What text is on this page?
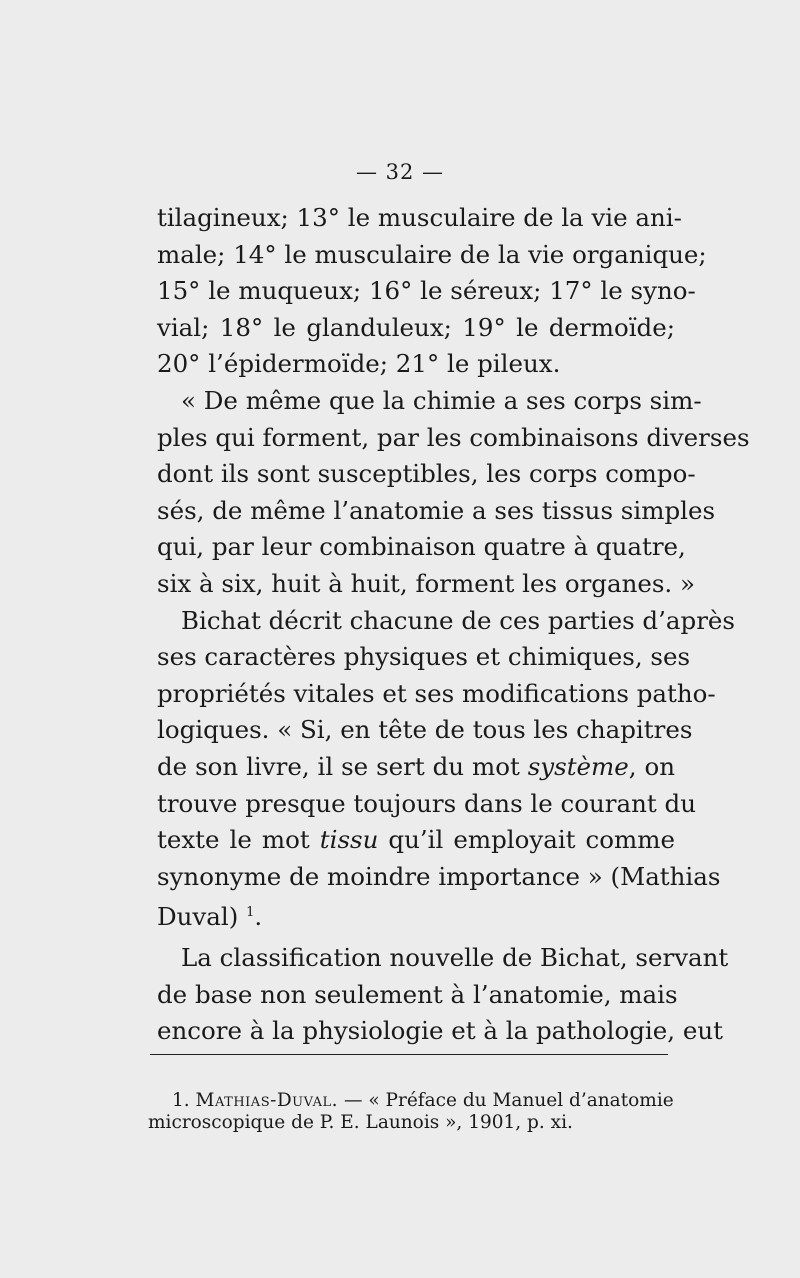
— 32 —
tilagineux; 13° le musculaire de la vie ani-
male; 14° le musculaire de la vie organique;
15° le muqueux; 16° le séreux; 17° le syno-
vial; 18° le glanduleux; 19° le dermoïde;
20° l’épidermoïde; 21° le pileux.
« De même que la chimie a ses corps sim-
ples qui forment, par les combinaisons diverses
dont ils sont susceptibles, les corps compo-
sés, de même l’anatomie a ses tissus simples
qui, par leur combinaison quatre à quatre,
six à six, huit à huit, forment les organes. »
Bichat décrit chacune de ces parties d’après
ses caractères physiques et chimiques, ses
propriétés vitales et ses modifications patho-
logiques. « Si, en tête de tous les chapitres
de son livre, il se sert du mot système, on
trouve presque toujours dans le courant du
texte le mot tissu qu’il employait comme
synonyme de moindre importance » (Mathias
Duval) $^1$.
La classification nouvelle de Bichat, servant
de base non seulement à l’anatomie, mais
encore à la physiologie et à la pathologie, eut
1. Mathias-Duval. — « Préface du Manuel d’anatomie
microscopique de P. E. Launois », 1901, p. xi.
